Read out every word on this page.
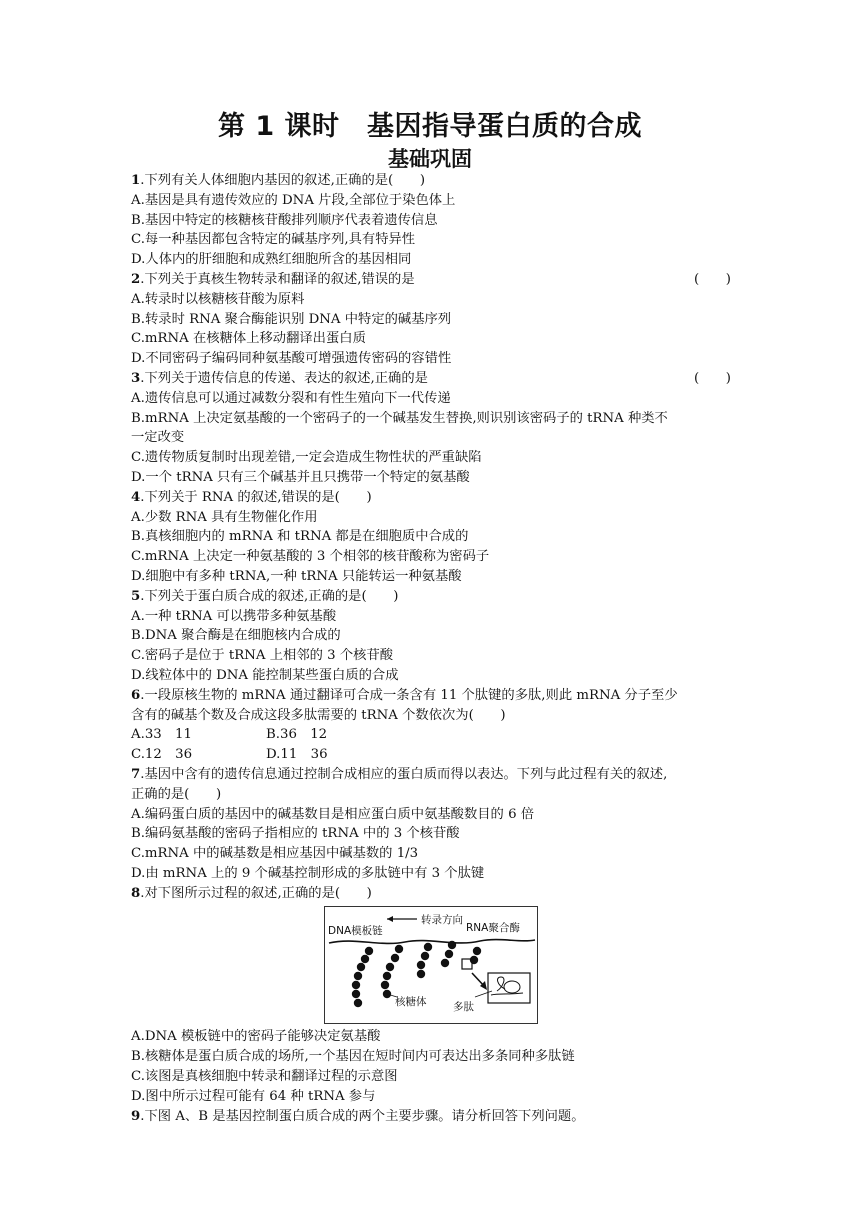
第 1 课时　基因指导蛋白质的合成
基础巩固
1.下列有关人体细胞内基因的叙述,正确的是(　　)
A.基因是具有遗传效应的 DNA 片段,全部位于染色体上
B.基因中特定的核糖核苷酸排列顺序代表着遗传信息
C.每一种基因都包含特定的碱基序列,具有特异性
D.人体内的肝细胞和成熟红细胞所含的基因相同
2.下列关于真核生物转录和翻译的叙述,错误的是	(　　)
A.转录时以核糖核苷酸为原料
B.转录时 RNA 聚合酶能识别 DNA 中特定的碱基序列
C.mRNA 在核糖体上移动翻译出蛋白质
D.不同密码子编码同种氨基酸可增强遗传密码的容错性
3.下列关于遗传信息的传递、表达的叙述,正确的是	(　　)
A.遗传信息可以通过减数分裂和有性生殖向下一代传递
B.mRNA 上决定氨基酸的一个密码子的一个碱基发生替换,则识别该密码子的 tRNA 种类不
一定改变
C.遗传物质复制时出现差错,一定会造成生物性状的严重缺陷
D.一个 tRNA 只有三个碱基并且只携带一个特定的氨基酸
4.下列关于 RNA 的叙述,错误的是(　　)
A.少数 RNA 具有生物催化作用
B.真核细胞内的 mRNA 和 tRNA 都是在细胞质中合成的
C.mRNA 上决定一种氨基酸的 3 个相邻的核苷酸称为密码子
D.细胞中有多种 tRNA,一种 tRNA 只能转运一种氨基酸
5.下列关于蛋白质合成的叙述,正确的是(　　)
A.一种 tRNA 可以携带多种氨基酸
B.DNA 聚合酶是在细胞核内合成的
C.密码子是位于 tRNA 上相邻的 3 个核苷酸
D.线粒体中的 DNA 能控制某些蛋白质的合成
6.一段原核生物的 mRNA 通过翻译可合成一条含有 11 个肽键的多肽,则此 mRNA 分子至少
含有的碱基个数及合成这段多肽需要的 tRNA 个数依次为(　　)
A.33　11	B.36　12
C.12　36	D.11　36
7.基因中含有的遗传信息通过控制合成相应的蛋白质而得以表达。下列与此过程有关的叙述,
正确的是(　　)
A.编码蛋白质的基因中的碱基数目是相应蛋白质中氨基酸数目的 6 倍
B.编码氨基酸的密码子指相应的 tRNA 中的 3 个核苷酸
C.mRNA 中的碱基数是相应基因中碱基数的 1/3
D.由 mRNA 上的 9 个碱基控制形成的多肽链中有 3 个肽键
8.对下图所示过程的叙述,正确的是(　　)
DNA模板链
转录方向
RNA聚合酶
核糖体	多肽
A.DNA 模板链中的密码子能够决定氨基酸
B.核糖体是蛋白质合成的场所,一个基因在短时间内可表达出多条同种多肽链
C.该图是真核细胞中转录和翻译过程的示意图
D.图中所示过程可能有 64 种 tRNA 参与
9.下图 A、B 是基因控制蛋白质合成的两个主要步骤。请分析回答下列问题。
